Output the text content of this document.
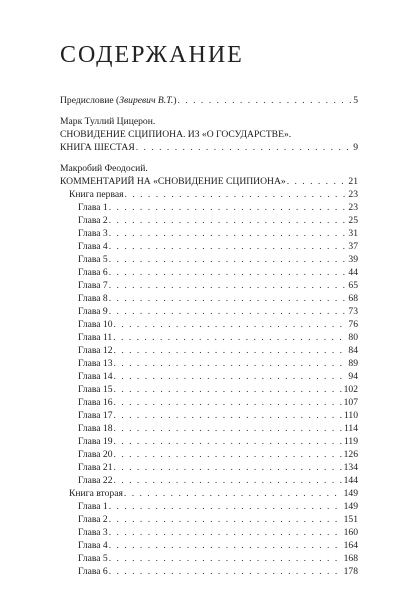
СОДЕРЖАНИЕ
Предисловие (Звиревич В.Т.) . . .	5
Марк Туллий Цицерон.
СНОВИДЕНИЕ СЦИПИОНА. ИЗ «О ГОСУДАРСТВЕ».
КНИГА ШЕСТАЯ . . .	9
Макробий Феодосий.
КОММЕНТАРИЙ НА «СНОВИДЕНИЕ СЦИПИОНА» . . .	21
Книга первая . . .	23
Глава 1 . . .	23
Глава 2 . . .	25
Глава 3 . . .	31
Глава 4 . . .	37
Глава 5 . . .	39
Глава 6 . . .	44
Глава 7 . . .	65
Глава 8 . . .	68
Глава 9 . . .	73
Глава 10 . . .	76
Глава 11 . . .	80
Глава 12 . . .	84
Глава 13 . . .	89
Глава 14 . . .	94
Глава 15 . . .	102
Глава 16 . . .	107
Глава 17 . . .	110
Глава 18 . . .	114
Глава 19 . . .	119
Глава 20 . . .	126
Глава 21 . . .	134
Глава 22 . . .	144
Книга вторая . . .	149
Глава 1 . . .	149
Глава 2 . . .	151
Глава 3 . . .	160
Глава 4 . . .	164
Глава 5 . . .	168
Глава 6 . . .	178
